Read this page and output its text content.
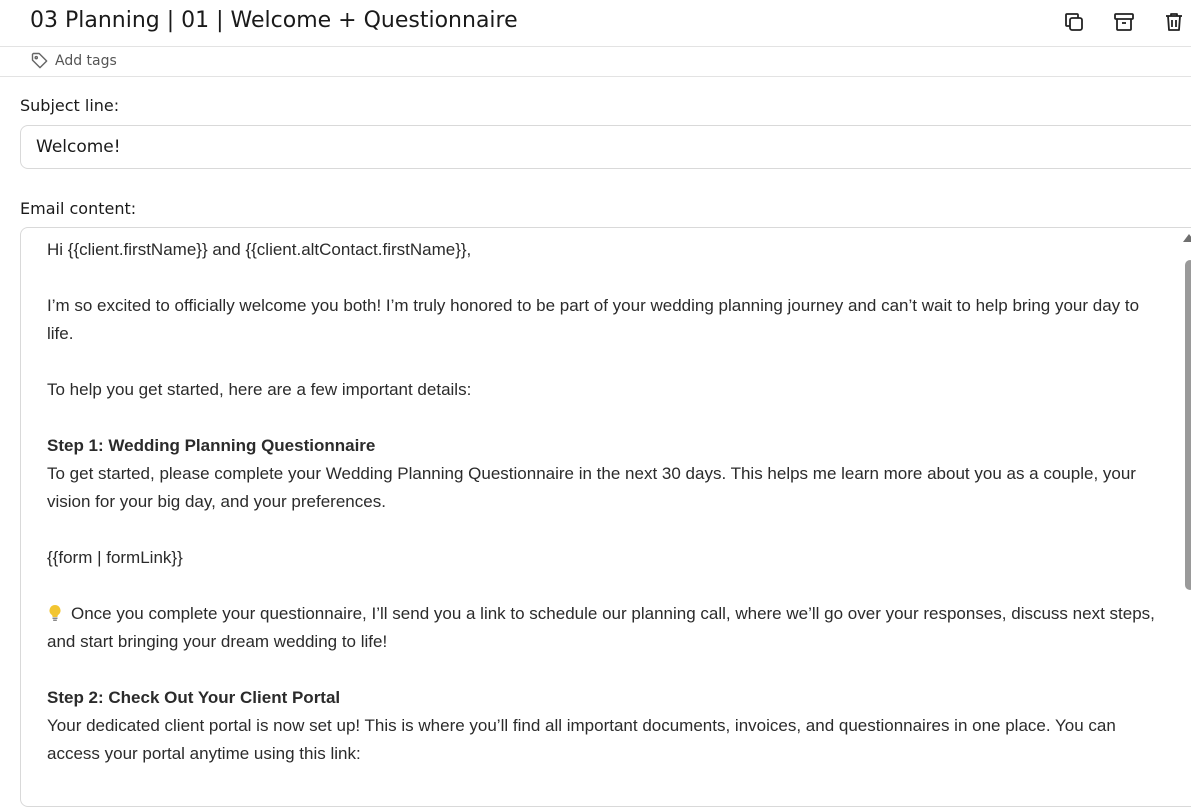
03 Planning | 01 | Welcome + Questionnaire
Add tags
Subject line:
Welcome!
Email content:

Hi {{client.firstName}} and {{client.altContact.firstName}},

I’m so excited to officially welcome you both! I’m truly honored to be part of your wedding planning journey and can’t wait to help bring your day to life.

To help you get started, here are a few important details:

Step 1: Wedding Planning Questionnaire
To get started, please complete your Wedding Planning Questionnaire in the next 30 days. This helps me learn more about you as a couple, your vision for your big day, and your preferences.

{{form | formLink}}

Once you complete your questionnaire, I’ll send you a link to schedule our planning call, where we’ll go over your responses, discuss next steps, and start bringing your dream wedding to life!

Step 2: Check Out Your Client Portal
Your dedicated client portal is now set up! This is where you’ll find all important documents, invoices, and questionnaires in one place. You can access your portal anytime using this link:
